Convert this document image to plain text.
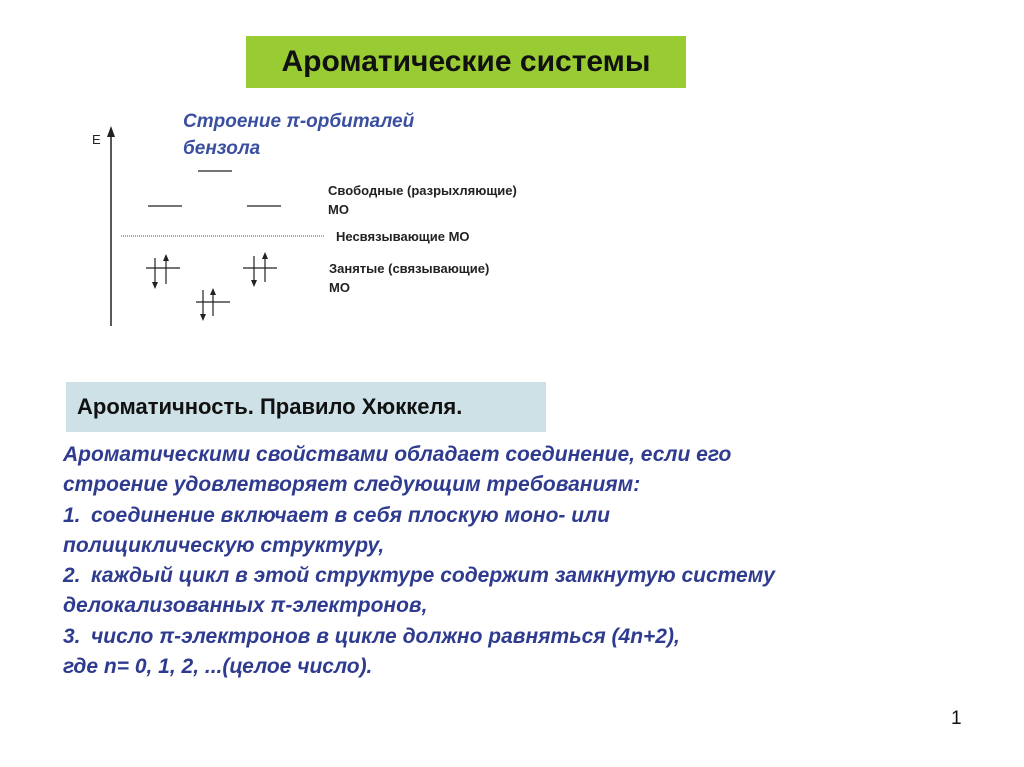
Ароматические системы
Строение π-орбиталей
бензола
E
Свободные (разрыхляющие)
МО
Несвязывающие МО
Занятые (связывающие)
МО
Ароматичность. Правило Хюккеля.
Ароматическими свойствами обладает соединение, если его
строение удовлетворяет следующим требованиям:
1. соединение включает в себя плоскую моно- или
полициклическую структуру,
2. каждый цикл в этой структуре содержит замкнутую систему
делокализованных π-электронов,
3. число π-электронов в цикле должно равняться (4n+2),
где n= 0, 1, 2, ...(целое число).
1
